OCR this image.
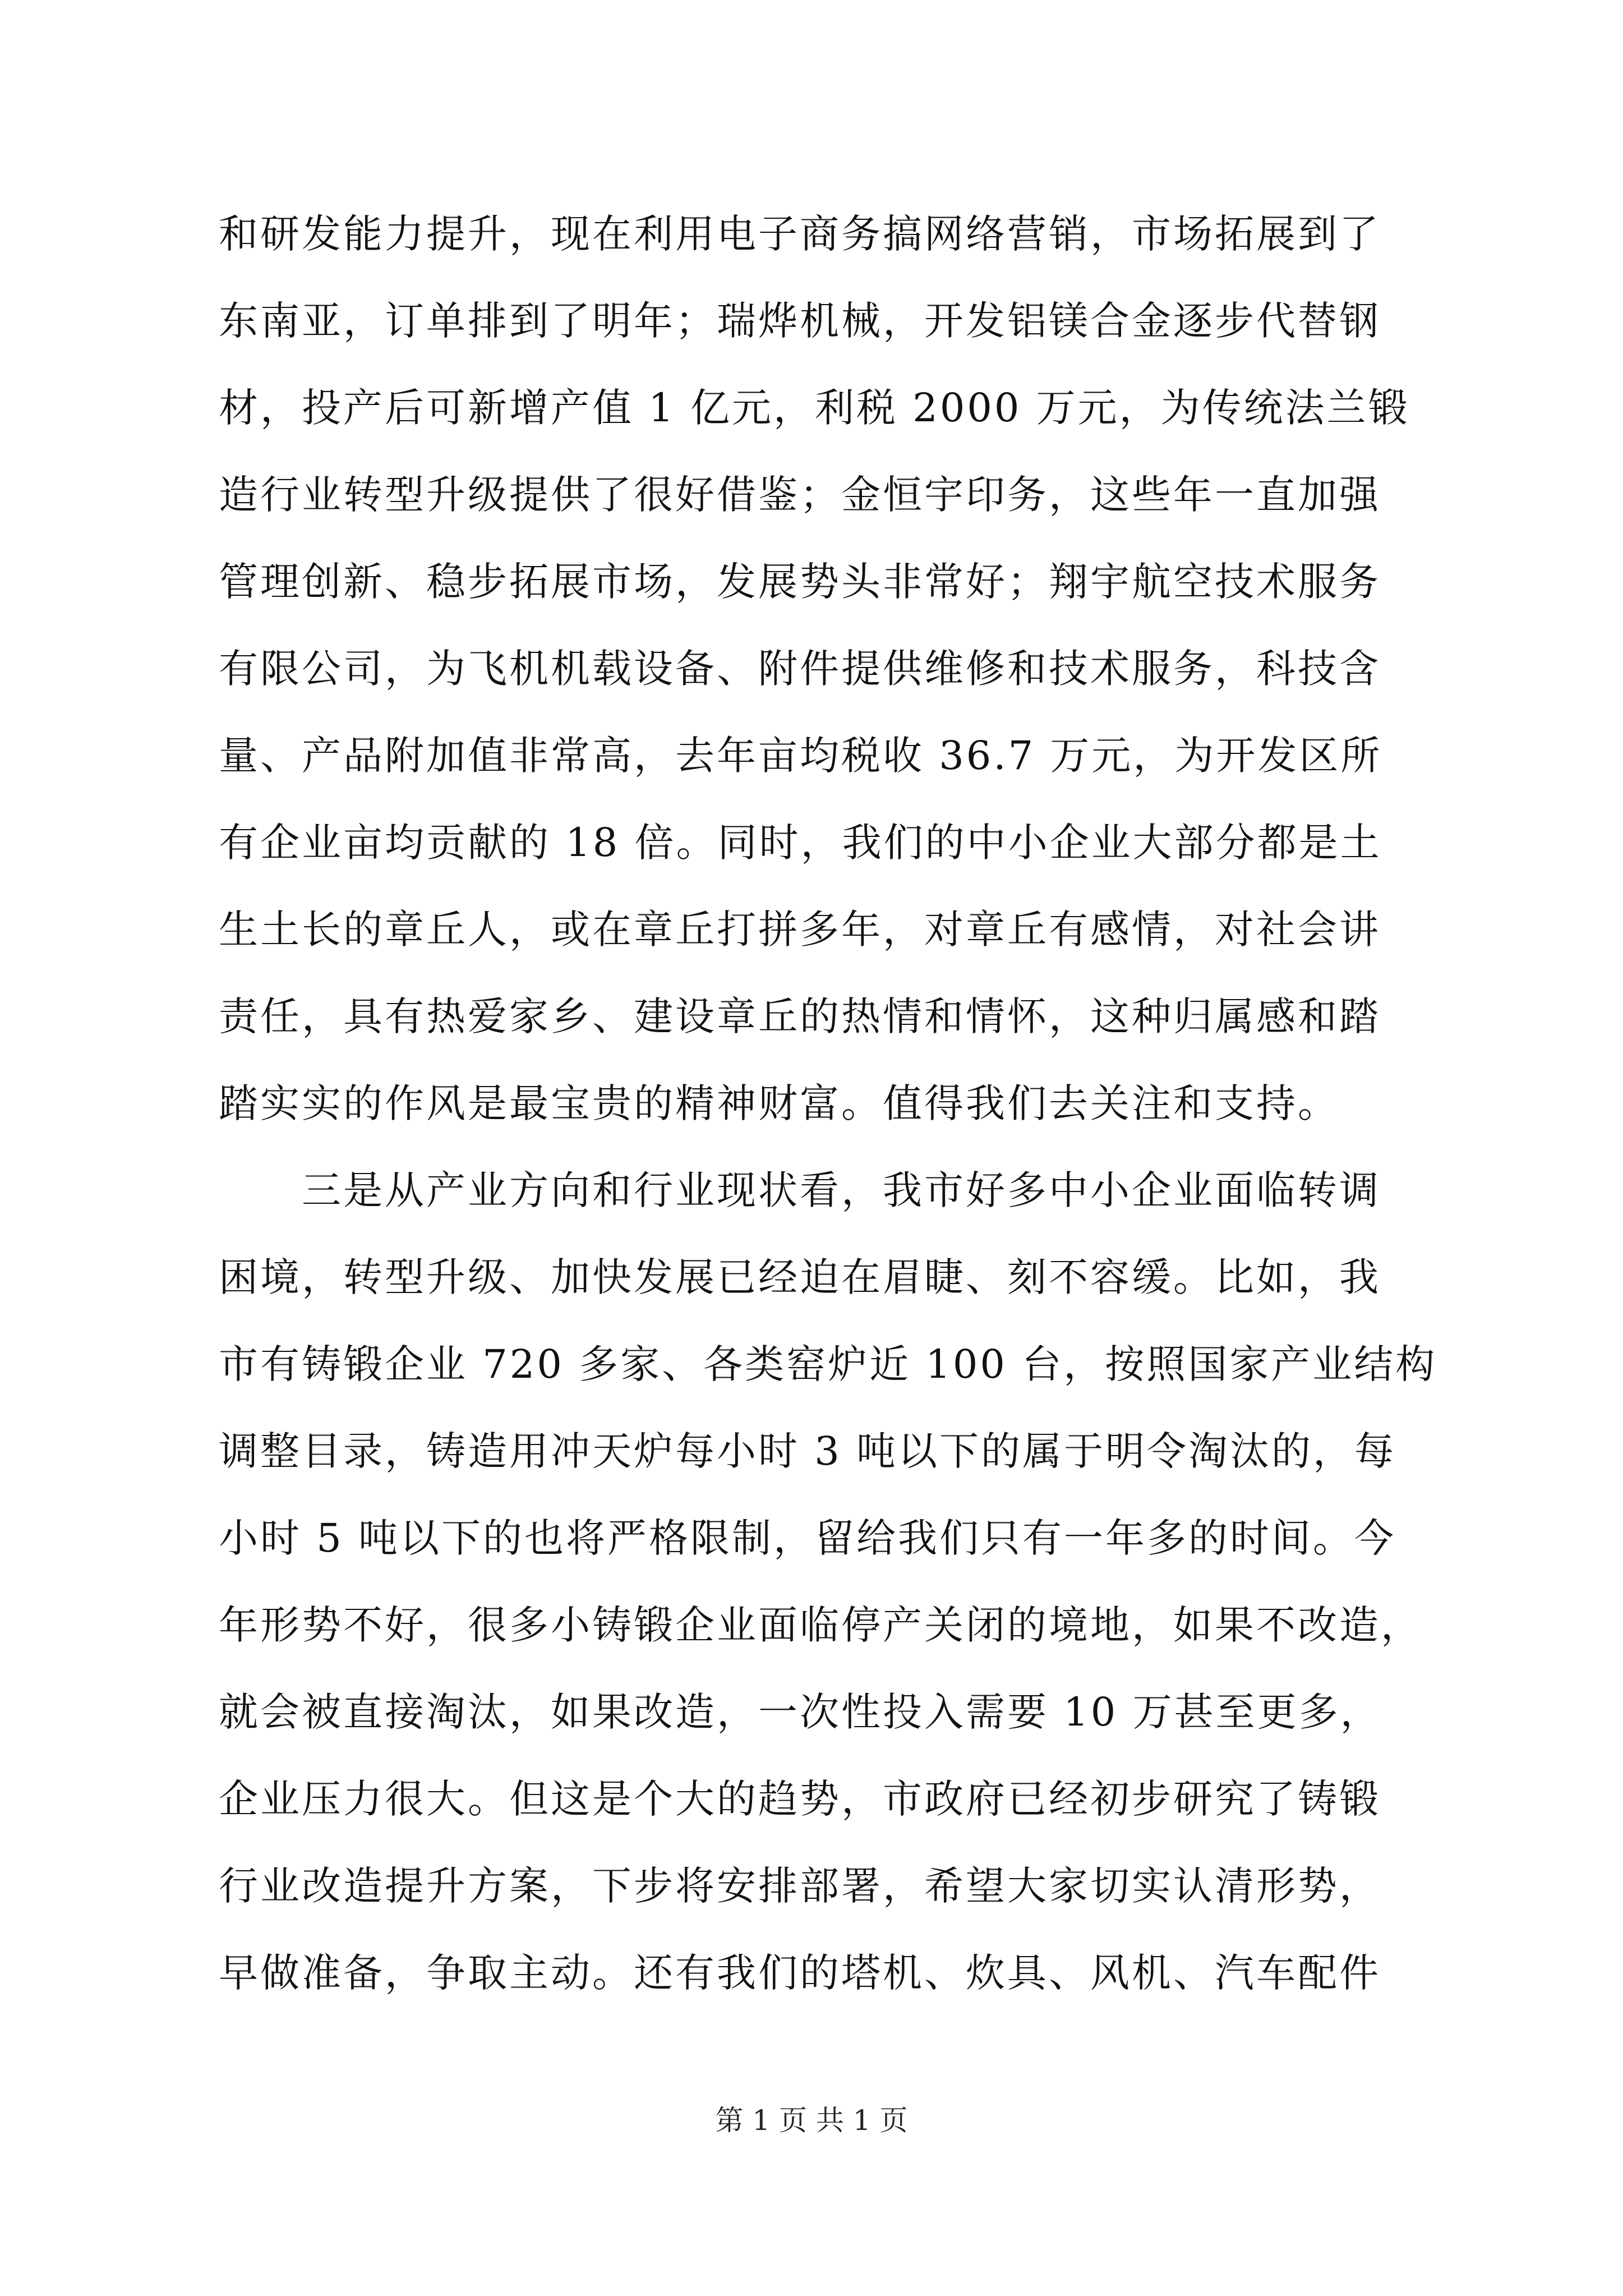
和研发能力提升，现在利用电子商务搞网络营销，市场拓展到了
东南亚，订单排到了明年；瑞烨机械，开发铝镁合金逐步代替钢
材，投产后可新增产值 1 亿元，利税 2000 万元，为传统法兰锻
造行业转型升级提供了很好借鉴；金恒宇印务，这些年一直加强
管理创新、稳步拓展市场，发展势头非常好；翔宇航空技术服务
有限公司，为飞机机载设备、附件提供维修和技术服务，科技含
量、产品附加值非常高，去年亩均税收 36.7 万元，为开发区所
有企业亩均贡献的 18 倍。同时，我们的中小企业大部分都是土
生土长的章丘人，或在章丘打拼多年，对章丘有感情，对社会讲
责任，具有热爱家乡、建设章丘的热情和情怀，这种归属感和踏
踏实实的作风是最宝贵的精神财富。值得我们去关注和支持。
　　三是从产业方向和行业现状看，我市好多中小企业面临转调
困境，转型升级、加快发展已经迫在眉睫、刻不容缓。比如，我
市有铸锻企业 720 多家、各类窑炉近 100 台，按照国家产业结构
调整目录，铸造用冲天炉每小时 3 吨以下的属于明令淘汰的，每
小时 5 吨以下的也将严格限制，留给我们只有一年多的时间。今
年形势不好，很多小铸锻企业面临停产关闭的境地，如果不改造，
就会被直接淘汰，如果改造，一次性投入需要 10 万甚至更多，
企业压力很大。但这是个大的趋势，市政府已经初步研究了铸锻
行业改造提升方案，下步将安排部署，希望大家切实认清形势，
早做准备，争取主动。还有我们的塔机、炊具、风机、汽车配件
第 1 页 共 1 页
